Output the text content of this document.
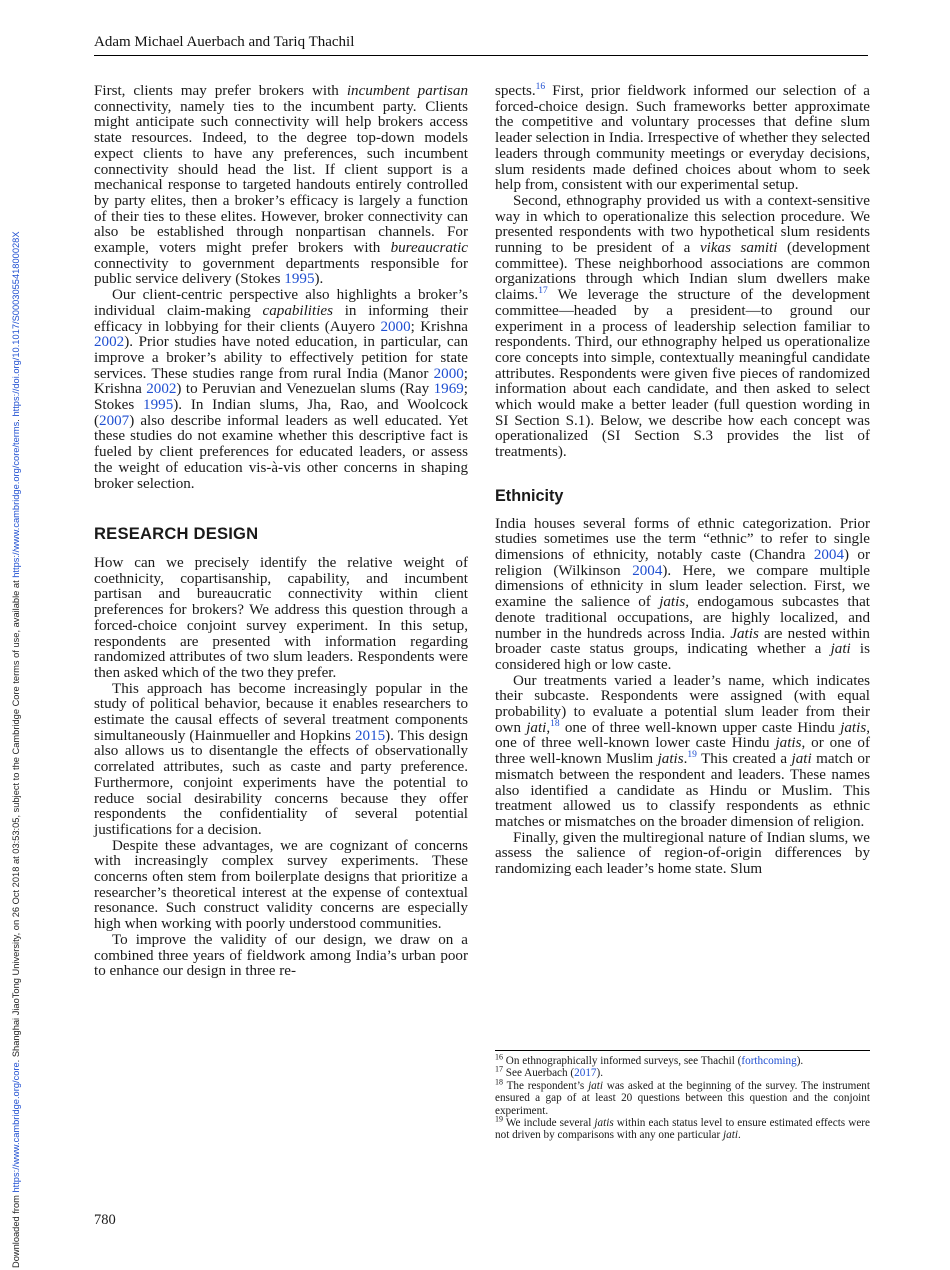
Downloaded from https://www.cambridge.org/core. Shanghai JiaoTong University, on 26 Oct 2018 at 03:53:05, subject to the Cambridge Core terms of use, available at https://www.cambridge.org/core/terms. https://doi.org/10.1017/S000305541800028X
Adam Michael Auerbach and Tariq Thachil

First, clients may prefer brokers with incumbent partisan connectivity, namely ties to the incumbent party. Clients might anticipate such connectivity will help brokers access state resources. Indeed, to the degree top-down models expect clients to have any preferences, such incumbent connectivity should head the list. If client support is a mechanical response to targeted handouts entirely controlled by party elites, then a broker’s efficacy is largely a function of their ties to these elites. However, broker connectivity can also be established through nonpartisan channels. For example, voters might prefer brokers with bureaucratic connectivity to government departments responsible for public service delivery (Stokes 1995).

Our client-centric perspective also highlights a broker’s individual claim-making capabilities in informing their efficacy in lobbying for their clients (Auyero 2000; Krishna 2002). Prior studies have noted education, in particular, can improve a broker’s ability to effectively petition for state services. These studies range from rural India (Manor 2000; Krishna 2002) to Peruvian and Venezuelan slums (Ray 1969; Stokes 1995). In Indian slums, Jha, Rao, and Woolcock (2007) also describe informal leaders as well educated. Yet these studies do not examine whether this descriptive fact is fueled by client preferences for educated leaders, or assess the weight of education vis-à-vis other concerns in shaping broker selection.

RESEARCH DESIGN

How can we precisely identify the relative weight of coethnicity, copartisanship, capability, and incumbent partisan and bureaucratic connectivity within client preferences for brokers? We address this question through a forced-choice conjoint survey experiment. In this setup, respondents are presented with information regarding randomized attributes of two slum leaders. Respondents were then asked which of the two they prefer.

This approach has become increasingly popular in the study of political behavior, because it enables researchers to estimate the causal effects of several treatment components simultaneously (Hainmueller and Hopkins 2015). This design also allows us to disentangle the effects of observationally correlated attributes, such as caste and party preference. Furthermore, conjoint experiments have the potential to reduce social desirability concerns because they offer respondents the confidentiality of several potential justifications for a decision.

Despite these advantages, we are cognizant of concerns with increasingly complex survey experiments. These concerns often stem from boilerplate designs that prioritize a researcher’s theoretical interest at the expense of contextual resonance. Such construct validity concerns are especially high when working with poorly understood communities.

To improve the validity of our design, we draw on a combined three years of fieldwork among India’s urban poor to enhance our design in three re-

spects.$^{16}$ First, prior fieldwork informed our selection of a forced-choice design. Such frameworks better approximate the competitive and voluntary processes that define slum leader selection in India. Irrespective of whether they selected leaders through community meetings or everyday decisions, slum residents made defined choices about whom to seek help from, consistent with our experimental setup.

Second, ethnography provided us with a context-sensitive way in which to operationalize this selection procedure. We presented respondents with two hypothetical slum residents running to be president of a vikas samiti (development committee). These neighborhood associations are common organizations through which Indian slum dwellers make claims.$^{17}$ We leverage the structure of the development committee—headed by a president—to ground our experiment in a process of leadership selection familiar to respondents. Third, our ethnography helped us operationalize core concepts into simple, contextually meaningful candidate attributes. Respondents were given five pieces of randomized information about each candidate, and then asked to select which would make a better leader (full question wording in SI Section S.1). Below, we describe how each concept was operationalized (SI Section S.3 provides the list of treatments).

Ethnicity

India houses several forms of ethnic categorization. Prior studies sometimes use the term “ethnic” to refer to single dimensions of ethnicity, notably caste (Chandra 2004) or religion (Wilkinson 2004). Here, we compare multiple dimensions of ethnicity in slum leader selection. First, we examine the salience of jatis, endogamous subcastes that denote traditional occupations, are highly localized, and number in the hundreds across India. Jatis are nested within broader caste status groups, indicating whether a jati is considered high or low caste.

Our treatments varied a leader’s name, which indicates their subcaste. Respondents were assigned (with equal probability) to evaluate a potential slum leader from their own jati,$^{18}$ one of three well-known upper caste Hindu jatis, one of three well-known lower caste Hindu jatis, or one of three well-known Muslim jatis.$^{19}$ This created a jati match or mismatch between the respondent and leaders. These names also identified a candidate as Hindu or Muslim. This treatment allowed us to classify respondents as ethnic matches or mismatches on the broader dimension of religion.

Finally, given the multiregional nature of Indian slums, we assess the salience of region-of-origin differences by randomizing each leader’s home state. Slum

$^{16}$ On ethnographically informed surveys, see Thachil (forthcoming).

$^{17}$ See Auerbach (2017).

$^{18}$ The respondent’s jati was asked at the beginning of the survey. The instrument ensured a gap of at least 20 questions between this question and the conjoint experiment.

$^{19}$ We include several jatis within each status level to ensure estimated effects were not driven by comparisons with any one particular jati.

780
